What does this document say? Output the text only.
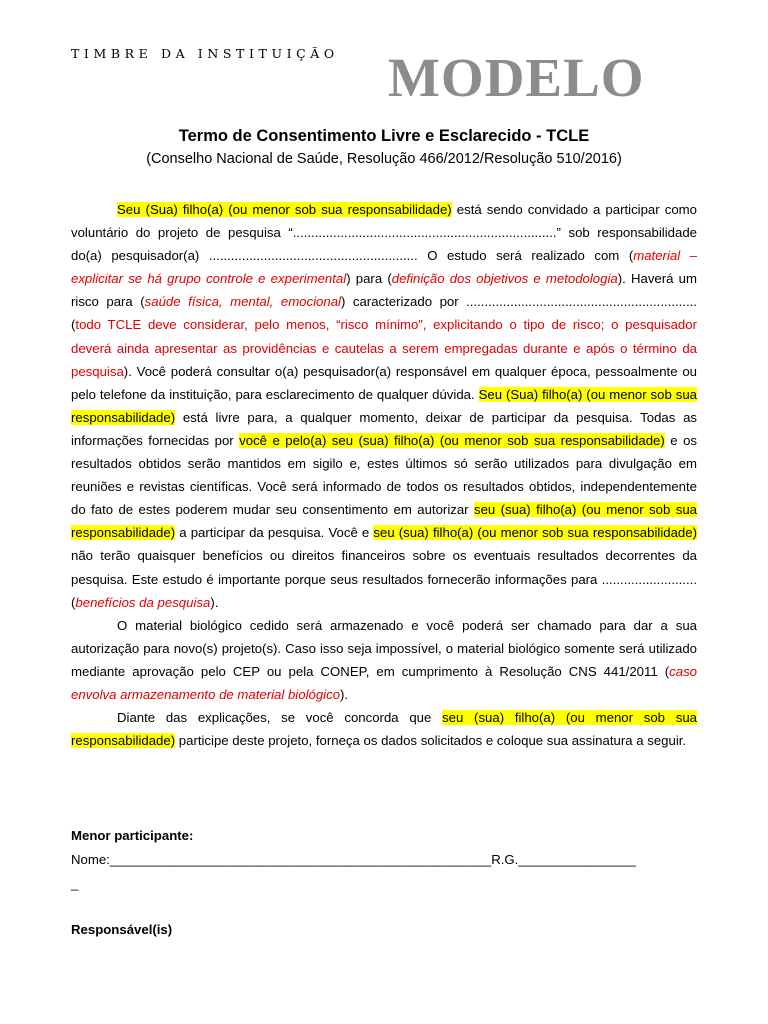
TIMBRE DA INSTITUIÇÃO MODELO
Termo de Consentimento Livre e Esclarecido - TCLE
(Conselho Nacional de Saúde, Resolução 466/2012/Resolução 510/2016)

Seu (Sua) filho(a) (ou menor sob sua responsabilidade) está sendo convidado a participar como voluntário do projeto de pesquisa “........................................................................” sob responsabilidade do(a) pesquisador(a) ......................................................... O estudo será realizado com (material – explicitar se há grupo controle e experimental) para (definição dos objetivos e metodologia). Haverá um risco para (saúde física, mental, emocional) caracterizado por ............................................................... (todo TCLE deve considerar, pelo menos, “risco mínimo”, explicitando o tipo de risco; o pesquisador deverá ainda apresentar as providências e cautelas a serem empregadas durante e após o término da pesquisa). Você poderá consultar o(a) pesquisador(a) responsável em qualquer época, pessoalmente ou pelo telefone da instituição, para esclarecimento de qualquer dúvida. Seu (Sua) filho(a) (ou menor sob sua responsabilidade) está livre para, a qualquer momento, deixar de participar da pesquisa. Todas as informações fornecidas por você e pelo(a) seu (sua) filho(a) (ou menor sob sua responsabilidade) e os resultados obtidos serão mantidos em sigilo e, estes últimos só serão utilizados para divulgação em reuniões e revistas científicas. Você será informado de todos os resultados obtidos, independentemente do fato de estes poderem mudar seu consentimento em autorizar seu (sua) filho(a) (ou menor sob sua responsabilidade) a participar da pesquisa. Você e seu (sua) filho(a) (ou menor sob sua responsabilidade) não terão quaisquer benefícios ou direitos financeiros sobre os eventuais resultados decorrentes da pesquisa. Este estudo é importante porque seus resultados fornecerão informações para .......................... (benefícios da pesquisa).

O material biológico cedido será armazenado e você poderá ser chamado para dar a sua autorização para novo(s) projeto(s). Caso isso seja impossível, o material biológico somente será utilizado mediante aprovação pelo CEP ou pela CONEP, em cumprimento à Resolução CNS 441/2011 (caso envolva armazenamento de material biológico).

Diante das explicações, se você concorda que seu (sua) filho(a) (ou menor sob sua responsabilidade) participe deste projeto, forneça os dados solicitados e coloque sua assinatura a seguir.

Menor participante:
Nome:____________________________________________________R.G.________________
_
Responsável(is)
